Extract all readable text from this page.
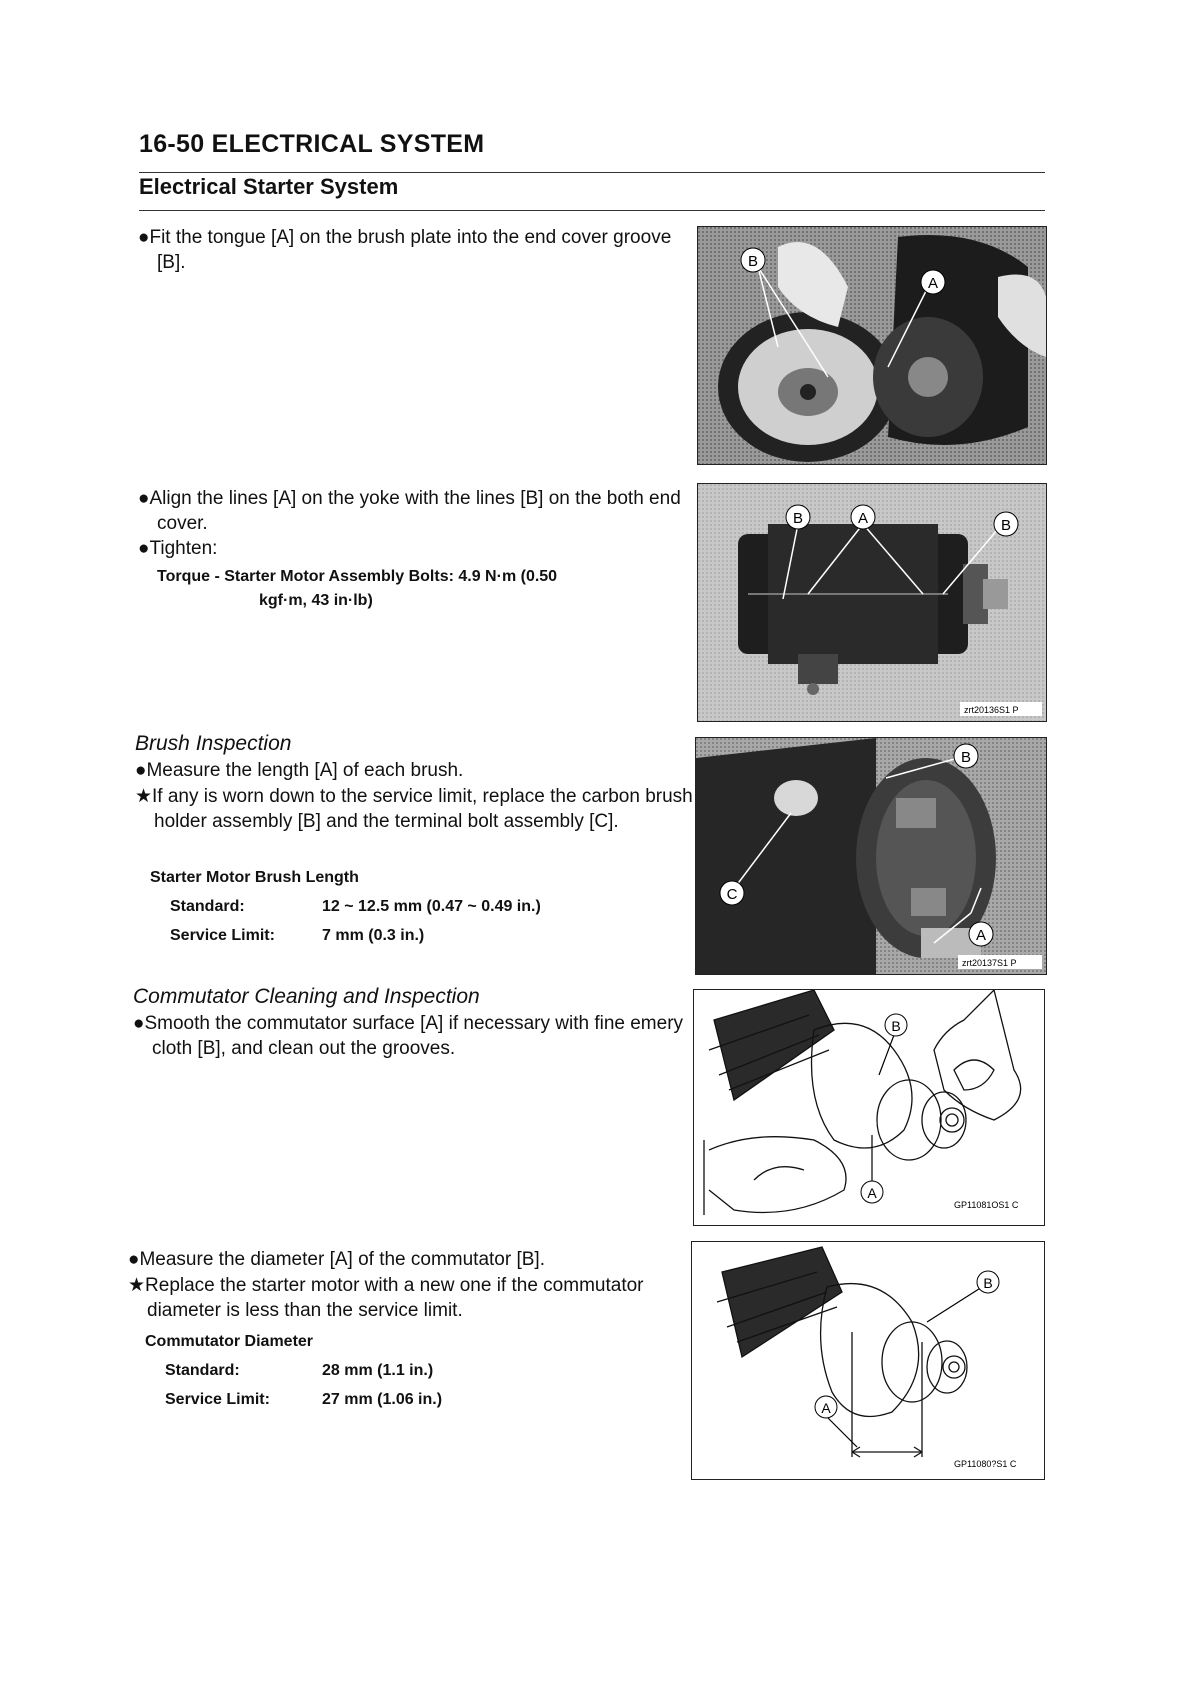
16-50 ELECTRICAL SYSTEM
Electrical Starter System
●Fit the tongue [A] on the brush plate into the end cover groove [B].	B
A
●Align the lines [A] on the yoke with the lines [B] on the both end cover.
●Tighten:
Torque - Starter Motor Assembly Bolts: 4.9 N·m (0.50
kgf·m, 43 in·lb)
B	A	B
zrt20136S1 P
Brush Inspection
●Measure the length [A] of each brush.
★If any is worn down to the service limit, replace the carbon brush holder assembly [B] and the terminal bolt assembly [C].
Starter Motor Brush Length
Standard:	12 ~ 12.5 mm (0.47 ~ 0.49 in.)
Service Limit:	7 mm (0.3 in.)
B
C
A
zrt20137S1 P
Commutator Cleaning and Inspection
●Smooth the commutator surface [A] if necessary with fine emery cloth [B], and clean out the grooves.
B
A
GP11081OS1 C
●Measure the diameter [A] of the commutator [B].
★Replace the starter motor with a new one if the commutator diameter is less than the service limit.
Commutator Diameter
Standard:	28 mm (1.1 in.)
Service Limit:	27 mm (1.06 in.)
B
A
GP11080?S1 C
